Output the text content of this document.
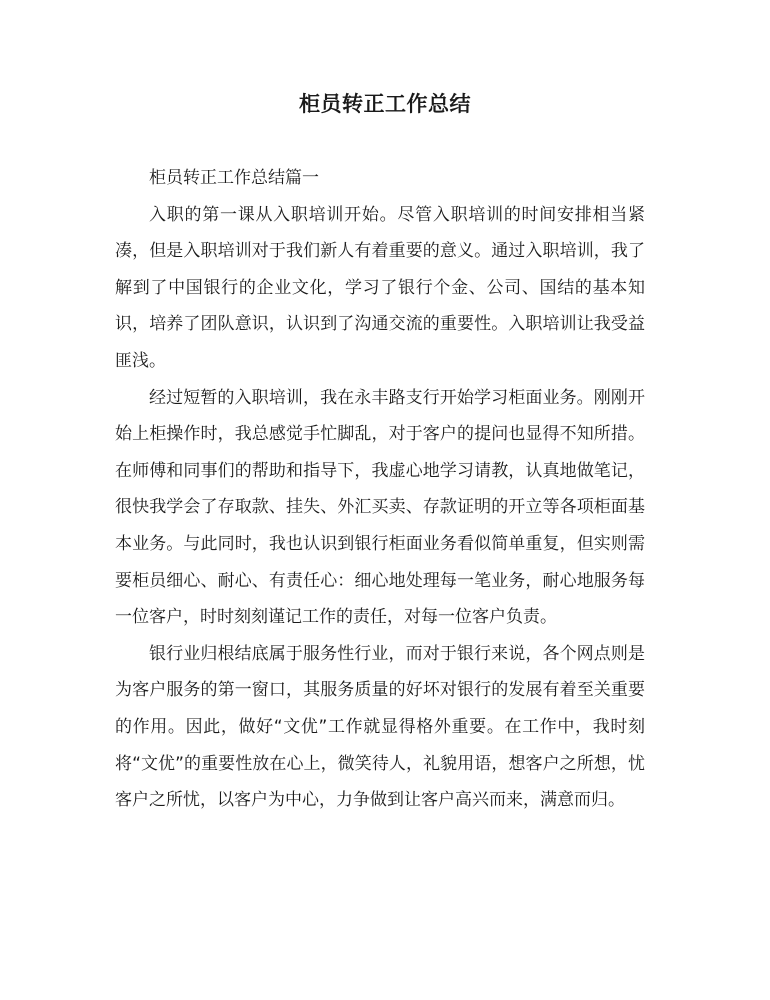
柜员转正工作总结

柜员转正工作总结篇一

入职的第一课从入职培训开始。尽管入职培训的时间安排相当紧凑，但是入职培训对于我们新人有着重要的意义。通过入职培训，我了解到了中国银行的企业文化，学习了银行个金、公司、国结的基本知识，培养了团队意识，认识到了沟通交流的重要性。入职培训让我受益匪浅。

经过短暂的入职培训，我在永丰路支行开始学习柜面业务。刚刚开始上柜操作时，我总感觉手忙脚乱，对于客户的提问也显得不知所措。在师傅和同事们的帮助和指导下，我虚心地学习请教，认真地做笔记，很快我学会了存取款、挂失、外汇买卖、存款证明的开立等各项柜面基本业务。与此同时，我也认识到银行柜面业务看似简单重复，但实则需要柜员细心、耐心、有责任心：细心地处理每一笔业务，耐心地服务每一位客户，时时刻刻谨记工作的责任，对每一位客户负责。

银行业归根结底属于服务性行业，而对于银行来说，各个网点则是为客户服务的第一窗口，其服务质量的好坏对银行的发展有着至关重要的作用。因此，做好“文优”工作就显得格外重要。在工作中，我时刻将“文优”的重要性放在心上，微笑待人，礼貌用语，想客户之所想，忧客户之所忧，以客户为中心，力争做到让客户高兴而来，满意而归。
